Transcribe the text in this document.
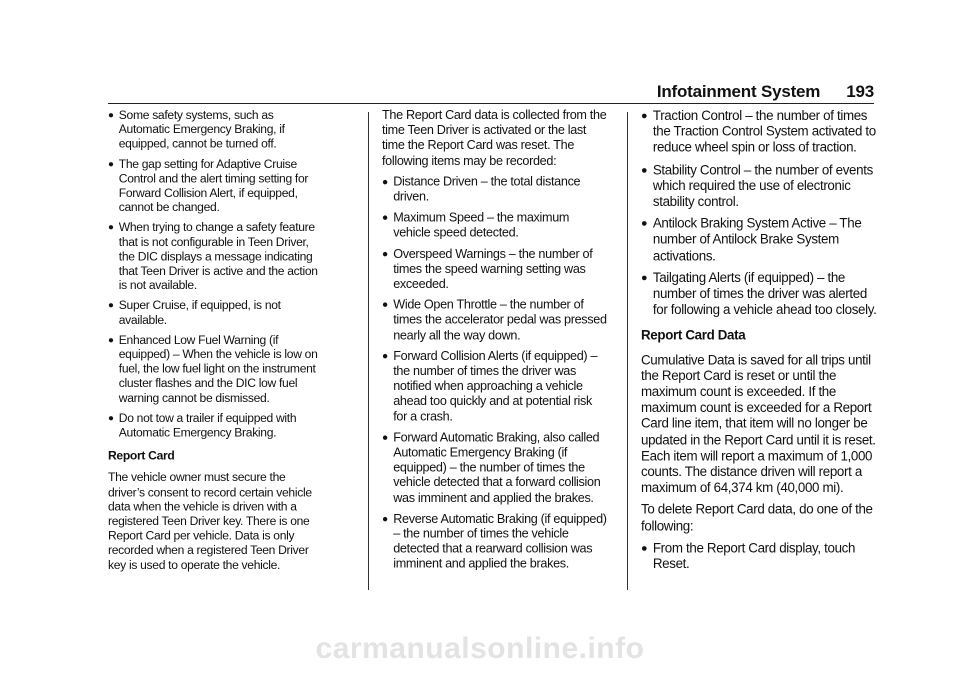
Infotainment System 193
● Some safety systems, such as Automatic Emergency Braking, if equipped, cannot be turned off.
● The gap setting for Adaptive Cruise Control and the alert timing setting for Forward Collision Alert, if equipped, cannot be changed.
● When trying to change a safety feature that is not configurable in Teen Driver, the DIC displays a message indicating that Teen Driver is active and the action is not available.
● Super Cruise, if equipped, is not available.
● Enhanced Low Fuel Warning (if equipped) – When the vehicle is low on fuel, the low fuel light on the instrument cluster flashes and the DIC low fuel warning cannot be dismissed.
● Do not tow a trailer if equipped with Automatic Emergency Braking.
Report Card

The vehicle owner must secure the driver’s consent to record certain vehicle data when the vehicle is driven with a registered Teen Driver key. There is one Report Card per vehicle. Data is only recorded when a registered Teen Driver key is used to operate the vehicle.

The Report Card data is collected from the time Teen Driver is activated or the last time the Report Card was reset. The following items may be recorded:

● Distance Driven – the total distance driven.
● Maximum Speed – the maximum vehicle speed detected.
● Overspeed Warnings – the number of times the speed warning setting was exceeded.
● Wide Open Throttle – the number of times the accelerator pedal was pressed nearly all the way down.
● Forward Collision Alerts (if equipped) – the number of times the driver was notified when approaching a vehicle ahead too quickly and at potential risk for a crash.
● Forward Automatic Braking, also called Automatic Emergency Braking (if equipped) – the number of times the vehicle detected that a forward collision was imminent and applied the brakes.
● Reverse Automatic Braking (if equipped) – the number of times the vehicle detected that a rearward collision was imminent and applied the brakes.
● Traction Control – the number of times the Traction Control System activated to reduce wheel spin or loss of traction.
● Stability Control – the number of events which required the use of electronic stability control.
● Antilock Braking System Active – The number of Antilock Brake System activations.
● Tailgating Alerts (if equipped) – the number of times the driver was alerted for following a vehicle ahead too closely.
Report Card Data

Cumulative Data is saved for all trips until the Report Card is reset or until the maximum count is exceeded. If the maximum count is exceeded for a Report Card line item, that item will no longer be updated in the Report Card until it is reset. Each item will report a maximum of 1,000 counts. The distance driven will report a maximum of 64,374 km (40,000 mi).

To delete Report Card data, do one of the following:

● From the Report Card display, touch Reset.
carmanualsonline.info
